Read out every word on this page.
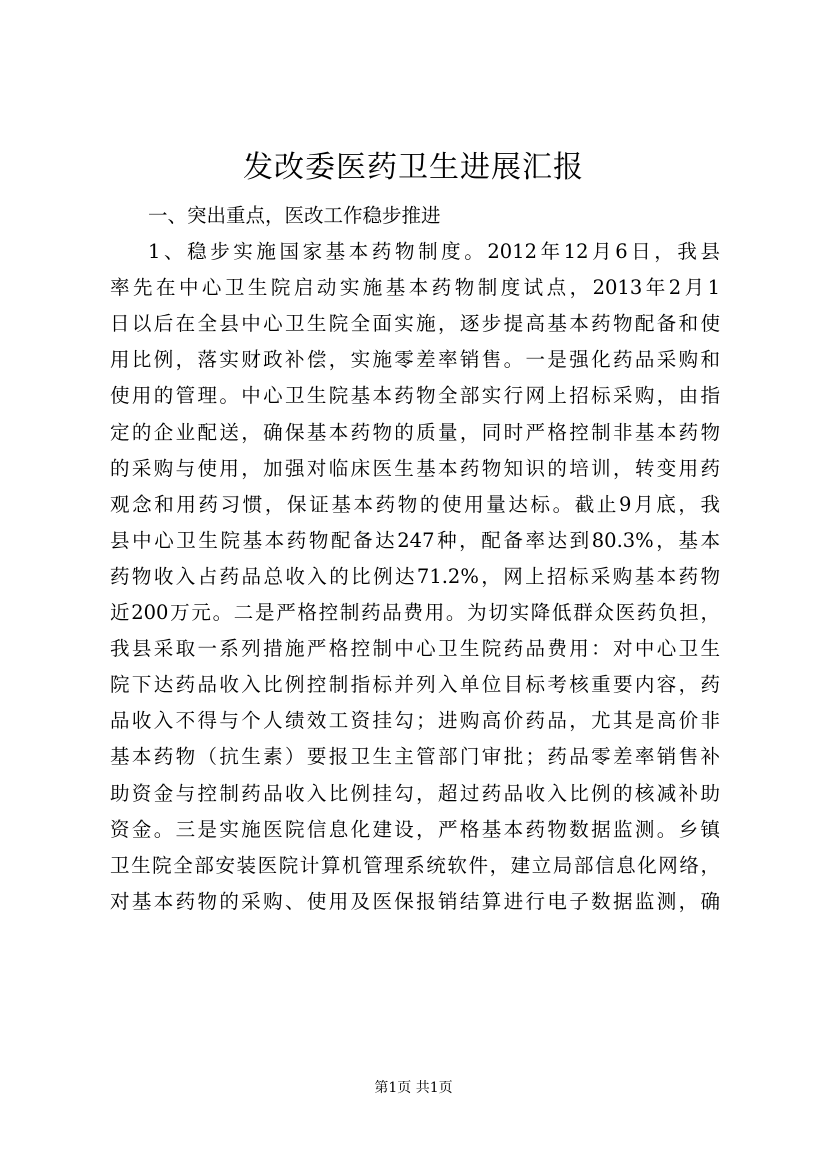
发改委医药卫生进展汇报
一、突出重点，医改工作稳步推进
1、稳步实施国家基本药物制度。2012年12月6日，我县
率先在中心卫生院启动实施基本药物制度试点，2013年2月1
日以后在全县中心卫生院全面实施，逐步提高基本药物配备和使
用比例，落实财政补偿，实施零差率销售。一是强化药品采购和
使用的管理。中心卫生院基本药物全部实行网上招标采购，由指
定的企业配送，确保基本药物的质量，同时严格控制非基本药物
的采购与使用，加强对临床医生基本药物知识的培训，转变用药
观念和用药习惯，保证基本药物的使用量达标。截止9月底，我
县中心卫生院基本药物配备达247种，配备率达到80.3%，基本
药物收入占药品总收入的比例达71.2%，网上招标采购基本药物
近200万元。二是严格控制药品费用。为切实降低群众医药负担，
我县采取一系列措施严格控制中心卫生院药品费用：对中心卫生
院下达药品收入比例控制指标并列入单位目标考核重要内容，药
品收入不得与个人绩效工资挂勾；进购高价药品，尤其是高价非
基本药物（抗生素）要报卫生主管部门审批；药品零差率销售补
助资金与控制药品收入比例挂勾，超过药品收入比例的核减补助
资金。三是实施医院信息化建设，严格基本药物数据监测。乡镇
卫生院全部安装医院计算机管理系统软件，建立局部信息化网络，
对基本药物的采购、使用及医保报销结算进行电子数据监测，确
第1页 共1页
